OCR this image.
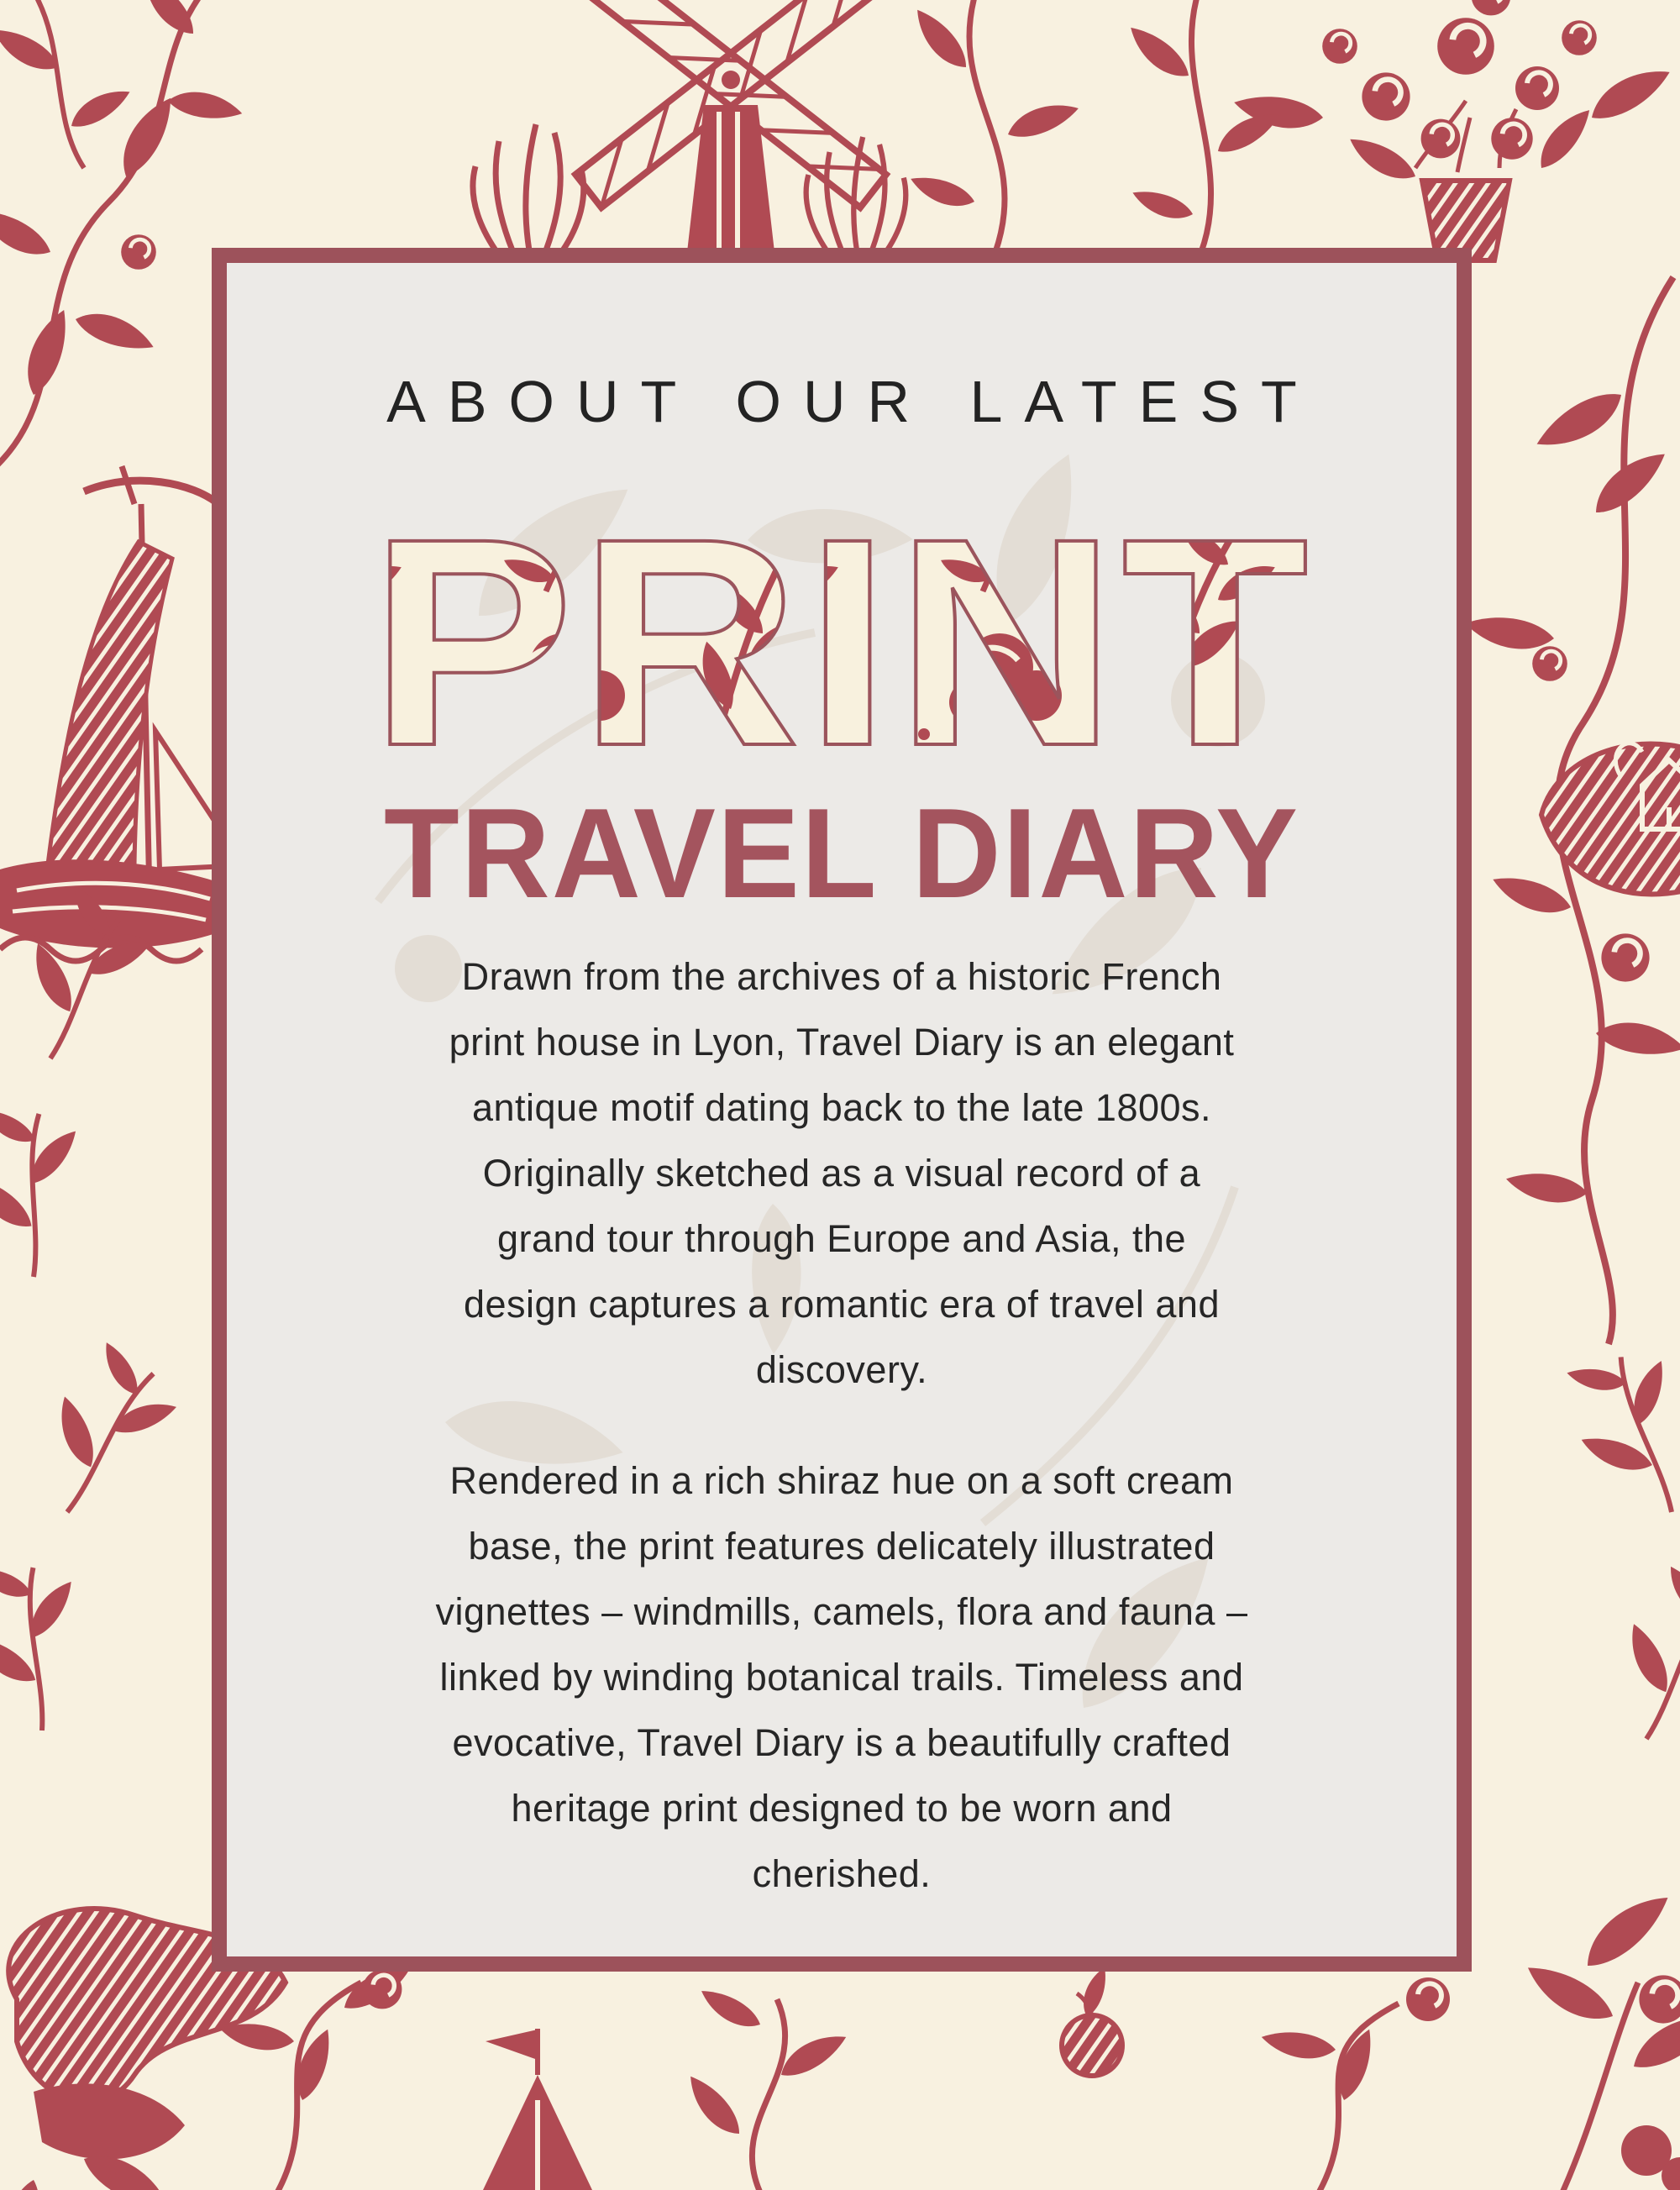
ABOUT OUR LATEST
PRINT
TRAVEL DIARY
Drawn from the archives of a historic French
print house in Lyon, Travel Diary is an elegant
antique motif dating back to the late 1800s.
Originally sketched as a visual record of a
grand tour through Europe and Asia, the
design captures a romantic era of travel and
discovery.
Rendered in a rich shiraz hue on a soft cream
base, the print features delicately illustrated
vignettes – windmills, camels, flora and fauna –
linked by winding botanical trails. Timeless and
evocative, Travel Diary is a beautifully crafted
heritage print designed to be worn and
cherished.
